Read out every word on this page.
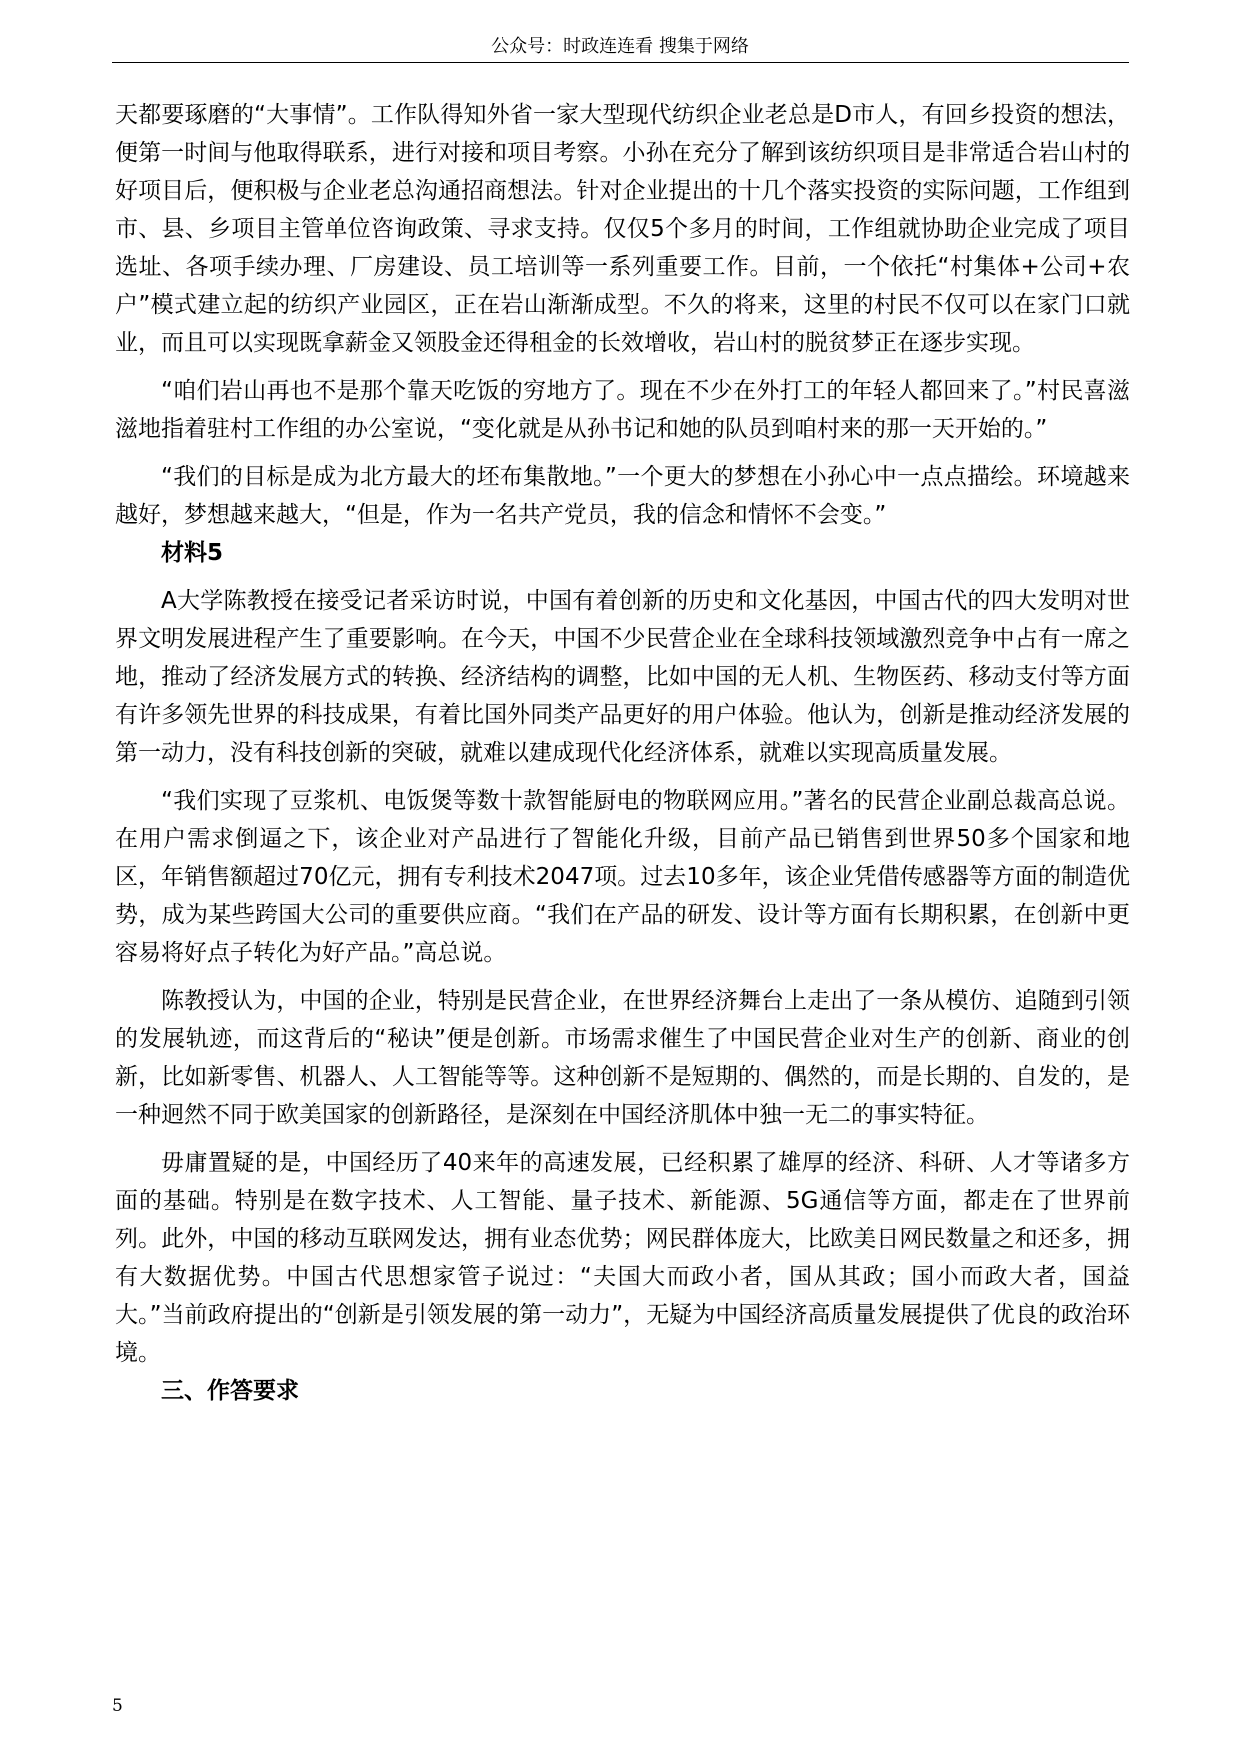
公众号：时政连连看 搜集于网络

天都要琢磨的“大事情”。工作队得知外省一家大型现代纺织企业老总是D市人，有回乡投资的想法，便第一时间与他取得联系，进行对接和项目考察。小孙在充分了解到该纺织项目是非常适合岩山村的好项目后，便积极与企业老总沟通招商想法。针对企业提出的十几个落实投资的实际问题，工作组到市、县、乡项目主管单位咨询政策、寻求支持。仅仅5个多月的时间，工作组就协助企业完成了项目选址、各项手续办理、厂房建设、员工培训等一系列重要工作。目前，一个依托“村集体+公司+农户”模式建立起的纺织产业园区，正在岩山渐渐成型。不久的将来，这里的村民不仅可以在家门口就业，而且可以实现既拿薪金又领股金还得租金的长效增收，岩山村的脱贫梦正在逐步实现。

“咱们岩山再也不是那个靠天吃饭的穷地方了。现在不少在外打工的年轻人都回来了。”村民喜滋滋地指着驻村工作组的办公室说，“变化就是从孙书记和她的队员到咱村来的那一天开始的。”

“我们的目标是成为北方最大的坯布集散地。”一个更大的梦想在小孙心中一点点描绘。环境越来越好，梦想越来越大，“但是，作为一名共产党员，我的信念和情怀不会变。”

材料5

A大学陈教授在接受记者采访时说，中国有着创新的历史和文化基因，中国古代的四大发明对世界文明发展进程产生了重要影响。在今天，中国不少民营企业在全球科技领域激烈竞争中占有一席之地，推动了经济发展方式的转换、经济结构的调整，比如中国的无人机、生物医药、移动支付等方面有许多领先世界的科技成果，有着比国外同类产品更好的用户体验。他认为，创新是推动经济发展的第一动力，没有科技创新的突破，就难以建成现代化经济体系，就难以实现高质量发展。

“我们实现了豆浆机、电饭煲等数十款智能厨电的物联网应用。”著名的民营企业副总裁高总说。在用户需求倒逼之下，该企业对产品进行了智能化升级，目前产品已销售到世界50多个国家和地区，年销售额超过70亿元，拥有专利技术2047项。过去10多年，该企业凭借传感器等方面的制造优势，成为某些跨国大公司的重要供应商。“我们在产品的研发、设计等方面有长期积累，在创新中更容易将好点子转化为好产品。”高总说。

陈教授认为，中国的企业，特别是民营企业，在世界经济舞台上走出了一条从模仿、追随到引领的发展轨迹，而这背后的“秘诀”便是创新。市场需求催生了中国民营企业对生产的创新、商业的创新，比如新零售、机器人、人工智能等等。这种创新不是短期的、偶然的，而是长期的、自发的，是一种迥然不同于欧美国家的创新路径，是深刻在中国经济肌体中独一无二的事实特征。

毋庸置疑的是，中国经历了40来年的高速发展，已经积累了雄厚的经济、科研、人才等诸多方面的基础。特别是在数字技术、人工智能、量子技术、新能源、5G通信等方面，都走在了世界前列。此外，中国的移动互联网发达，拥有业态优势；网民群体庞大，比欧美日网民数量之和还多，拥有大数据优势。中国古代思想家管子说过：“夫国大而政小者，国从其政；国小而政大者，国益大。”当前政府提出的“创新是引领发展的第一动力”，无疑为中国经济高质量发展提供了优良的政治环境。

三、作答要求

5
